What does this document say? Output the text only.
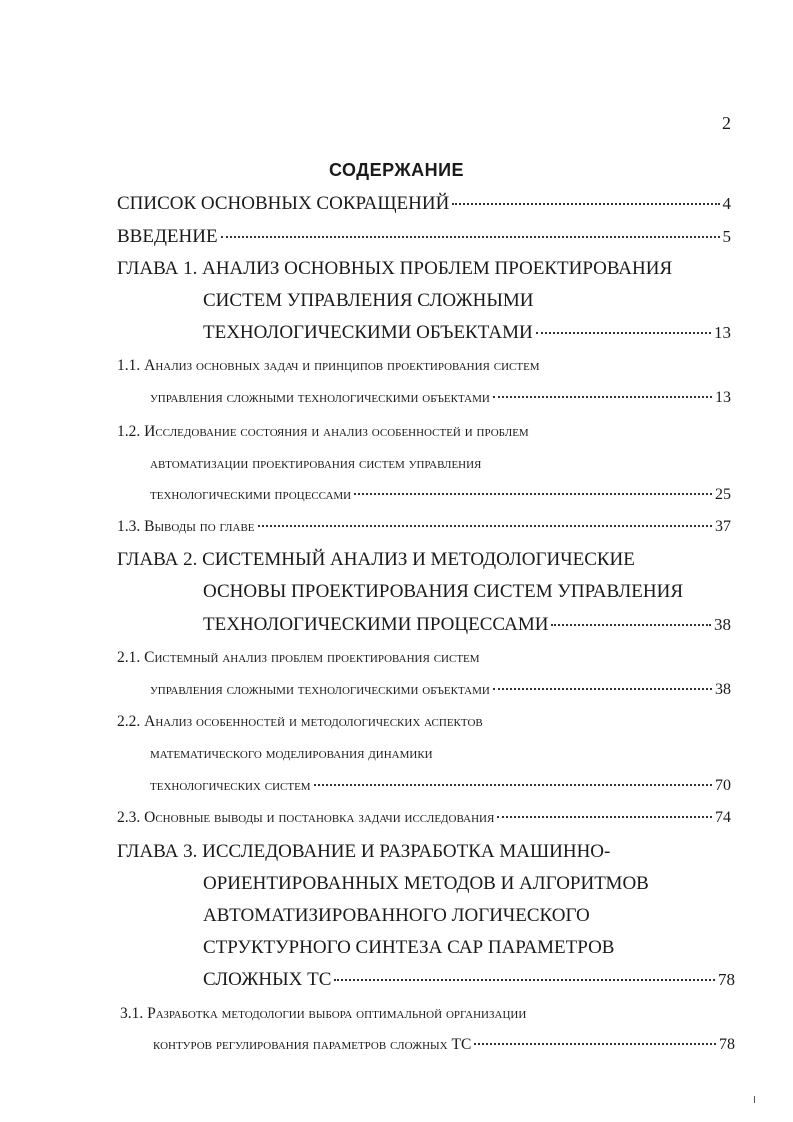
2
СОДЕРЖАНИЕ
СПИСОК ОСНОВНЫХ СОКРАЩЕНИЙ	4
ВВЕДЕНИЕ	5
ГЛАВА 1. АНАЛИЗ ОСНОВНЫХ ПРОБЛЕМ ПРОЕКТИРОВАНИЯ
СИСТЕМ УПРАВЛЕНИЯ СЛОЖНЫМИ
ТЕХНОЛОГИЧЕСКИМИ ОБЪЕКТАМИ	13
1.1. Анализ основных задач и принципов проектирования систем
управления сложными технологическими объектами	13
1.2. Исследование состояния и анализ особенностей и проблем
автоматизации проектирования систем управления
технологическими процессами	25
1.3. Выводы по главе	37
ГЛАВА 2. СИСТЕМНЫЙ АНАЛИЗ И МЕТОДОЛОГИЧЕСКИЕ
ОСНОВЫ ПРОЕКТИРОВАНИЯ СИСТЕМ УПРАВЛЕНИЯ
ТЕХНОЛОГИЧЕСКИМИ ПРОЦЕССАМИ	38
2.1. Системный анализ проблем проектирования систем
управления сложными технологическими объектами	38
2.2. Анализ особенностей и методологических аспектов
математического моделирования динамики
технологических систем	70
2.3. Основные выводы и постановка задачи исследования	74
ГЛАВА 3. ИССЛЕДОВАНИЕ И РАЗРАБОТКА МАШИННО-
ОРИЕНТИРОВАННЫХ МЕТОДОВ И АЛГОРИТМОВ
АВТОМАТИЗИРОВАННОГО ЛОГИЧЕСКОГО
СТРУКТУРНОГО СИНТЕЗА САР ПАРАМЕТРОВ
СЛОЖНЫХ ТС	78
3.1. Разработка методологии выбора оптимальной организации
контуров регулирования параметров сложных ТС	78
